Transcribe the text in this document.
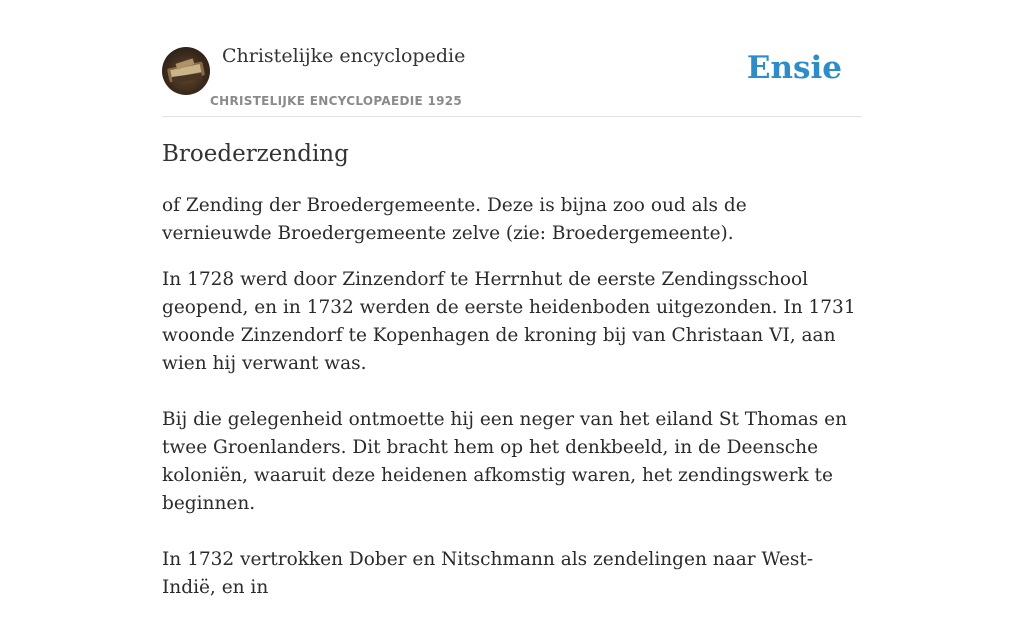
Christelijke encyclopedie
CHRISTELIJKE ENCYCLOPAEDIE 1925
Ensie
Broederzending

of Zending der Broedergemeente. Deze is bijna zoo oud als de vernieuwde Broedergemeente zelve (zie: Broedergemeente).

In 1728 werd door Zinzendorf te Herrnhut de eerste Zendingsschool geopend, en in 1732 werden de eerste heidenboden uitgezonden. In 1731 woonde Zinzendorf te Kopenhagen de kroning bij van Christaan VI, aan wien hij verwant was.

Bij die gelegenheid ontmoette hij een neger van het eiland St Thomas en twee Groenlanders. Dit bracht hem op het denkbeeld, in de Deensche koloniën, waaruit deze heidenen afkomstig waren, het zendingswerk te beginnen.

In 1732 vertrokken Dober en Nitschmann als zendelingen naar West-Indië, en in
